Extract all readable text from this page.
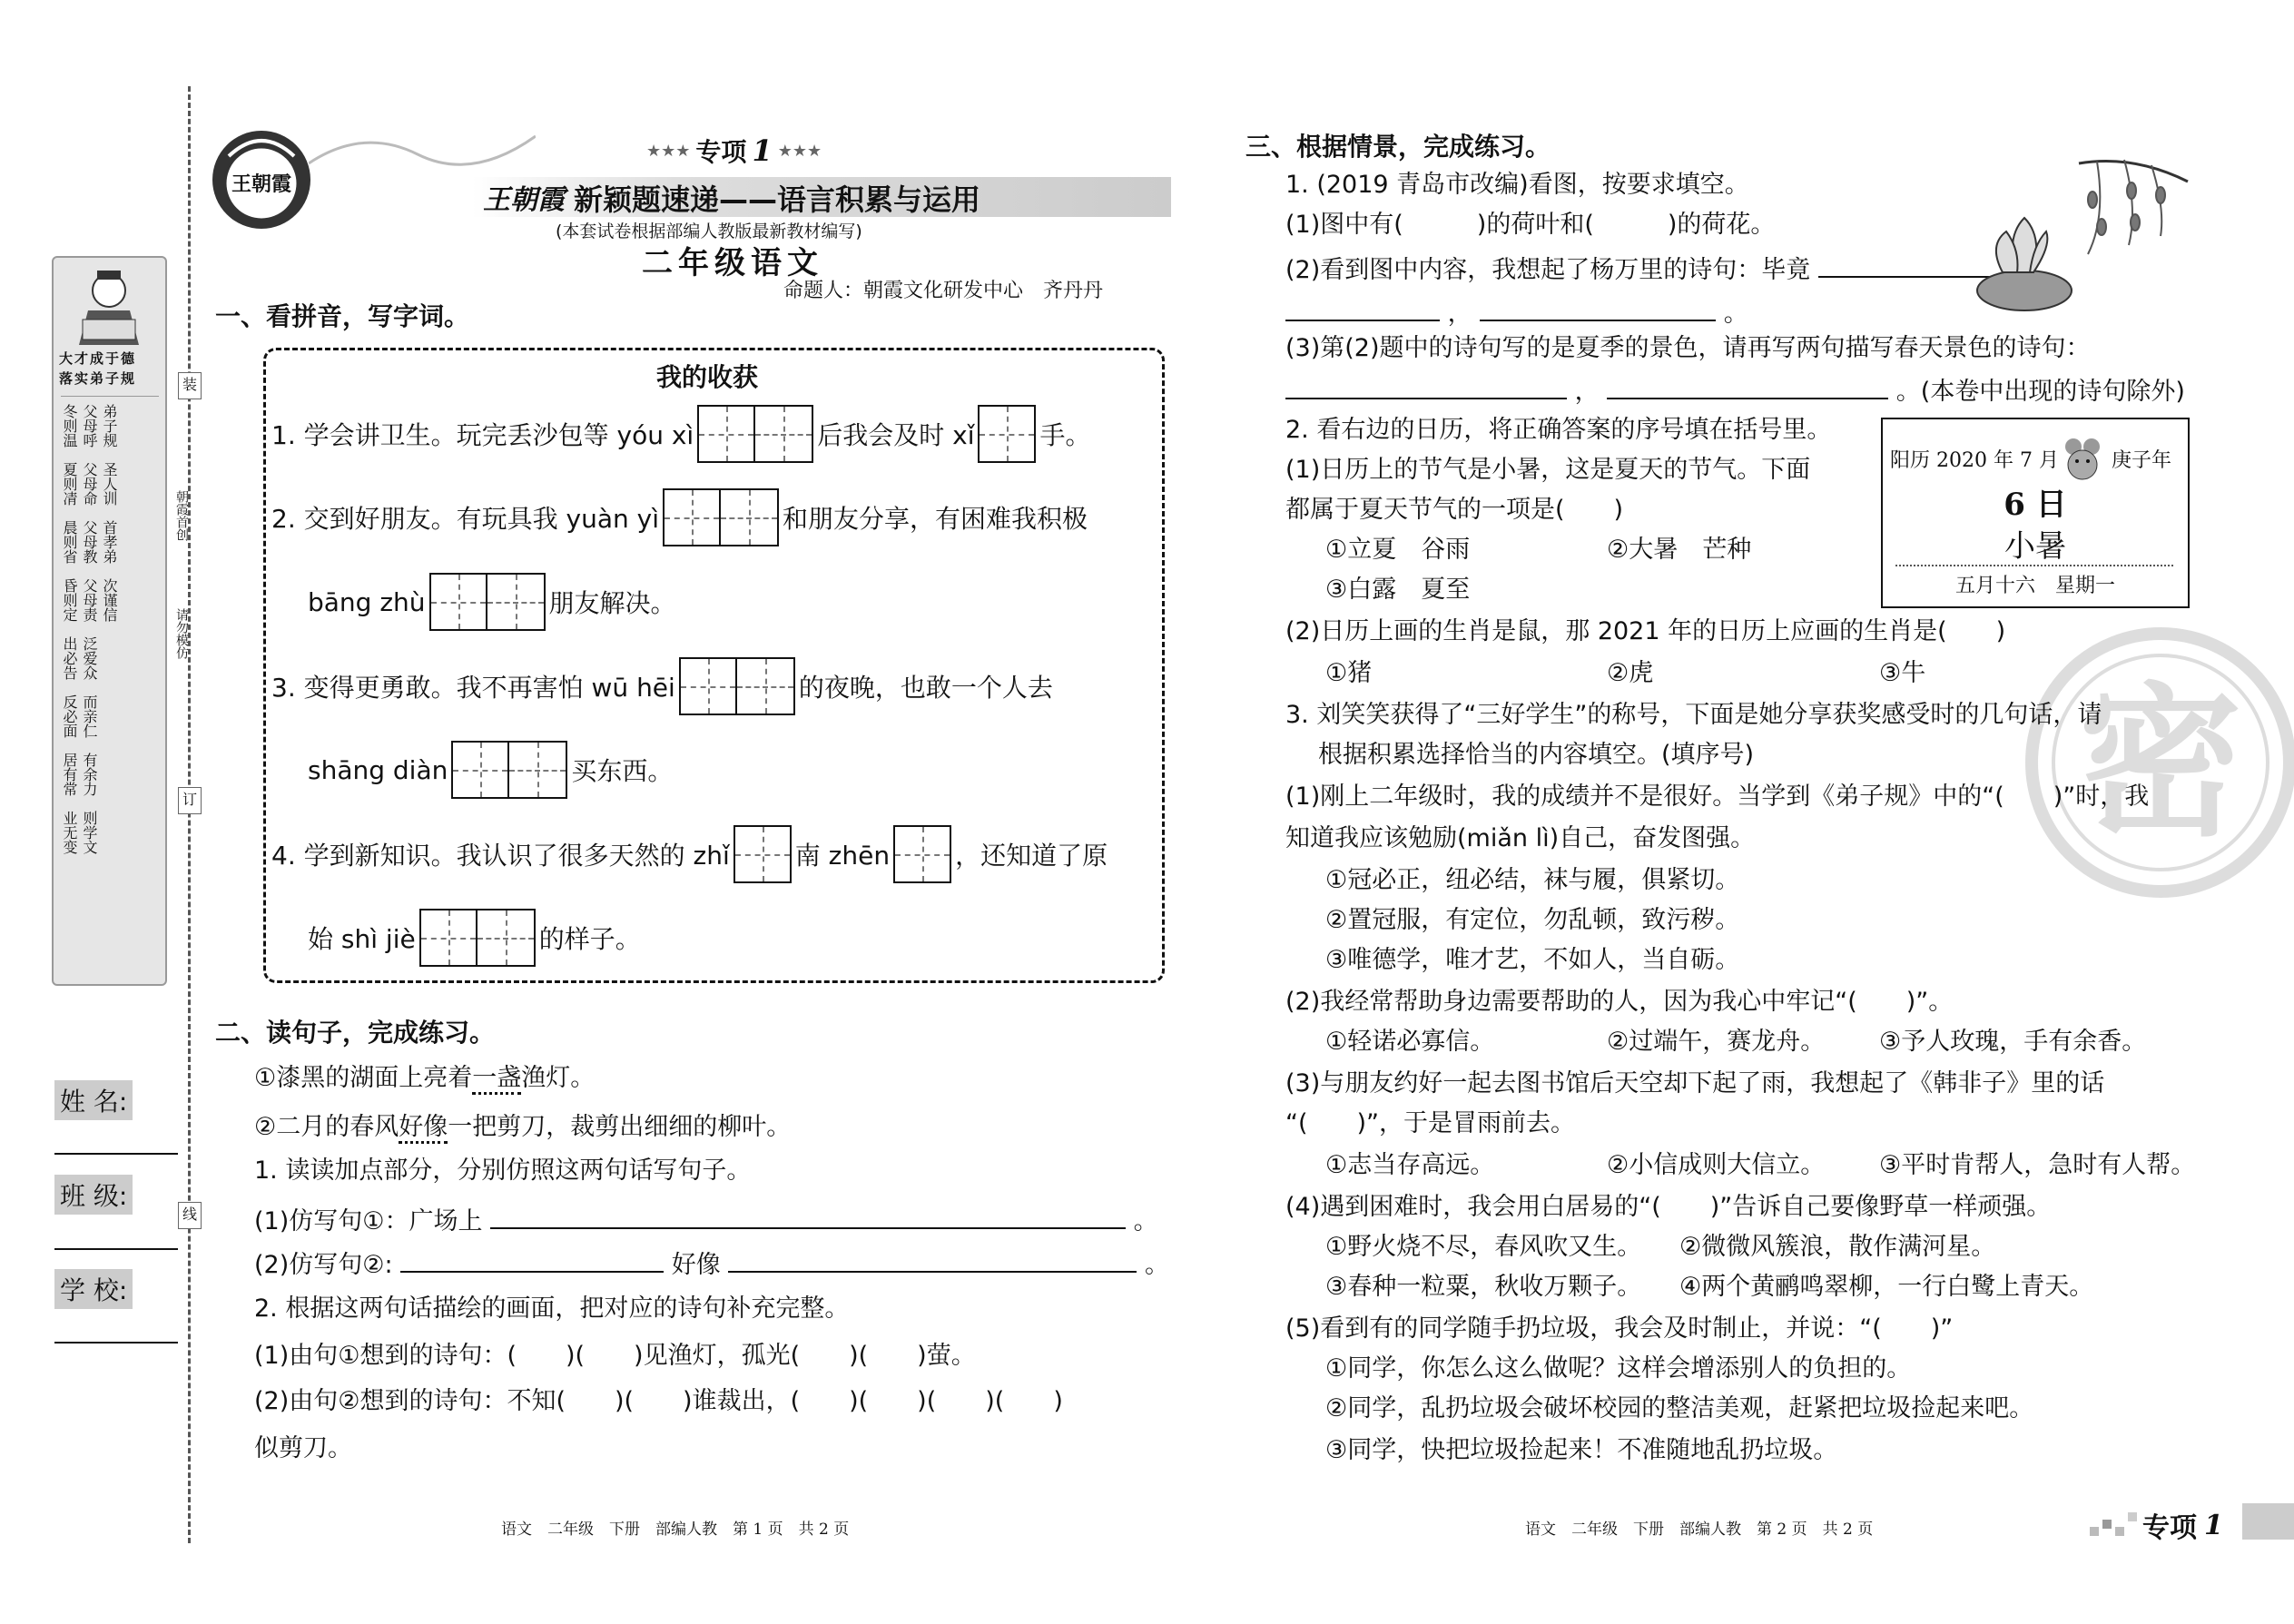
大才成于德
落实弟子规
冬则温 父母呼 弟子规
夏则凊 父母命 圣人训
晨则省 父母教 首孝弟
昏则定 父母责 次谨信
出必告 泛爱众
反必面 而亲仁
居有常 有余力
业无变 则学文
朝霞首创
请勿模仿
装
订
线
姓 名:
班 级:
学 校:
王朝霞
★★★ 专项 1 ★★★
王朝霞 新颖题速递——语言积累与运用
(本套试卷根据部编人教版最新教材编写)
二年级语文
命题人：朝霞文化研发中心　齐丹丹
一、看拼音，写字词。
我的收获
1. 学会讲卫生。玩完丢沙包等 yóu xì	后我会及时 xǐ	手。
2. 交到好朋友。有玩具我 yuàn yì	和朋友分享，有困难我积极
bāng zhù	朋友解决。
3. 变得更勇敢。我不再害怕 wū hēi	的夜晚，也敢一个人去
shāng diàn	买东西。
4. 学到新知识。我认识了很多天然的 zhǐ	南 zhēn	，还知道了原
始 shì jiè	的样子。
二、读句子，完成练习。
①漆黑的湖面上亮着一盏渔灯。
②二月的春风好像一把剪刀，裁剪出细细的柳叶。
1. 读读加点部分，分别仿照这两句话写句子。
(1)仿写句①：广场上	。
(2)仿写句②:	好像	。
2. 根据这两句话描绘的画面，把对应的诗句补充完整。
(1)由句①想到的诗句：(　　)(　　)见渔灯，孤光(　　)(　　)萤。
(2)由句②想到的诗句：不知(　　)(　　)谁裁出，(　　)(　　)(　　)(　　)
似剪刀。
语文　二年级　下册　部编人教　第 1 页　共 2 页
三、根据情景，完成练习。
1. (2019 青岛市改编)看图，按要求填空。
(1)图中有(　　　)的荷叶和(　　　)的荷花。
(2)看到图中内容，我想起了杨万里的诗句：毕竟
，	。
(3)第(2)题中的诗句写的是夏季的景色，请再写两句描写春天景色的诗句：
，	。(本卷中出现的诗句除外)
2. 看右边的日历，将正确答案的序号填在括号里。
(1)日历上的节气是小暑，这是夏天的节气。下面
都属于夏天节气的一项是(　　)
①立夏　谷雨	②大暑　芒种
③白露　夏至
阳历 2020 年 7 月	庚子年
6 日
小暑
五月十六　星期一
(2)日历上画的生肖是鼠，那 2021 年的日历上应画的生肖是(　　)
①猪	②虎	③牛 密
3. 刘笑笑获得了“三好学生”的称号，下面是她分享获奖感受时的几句话，请
根据积累选择恰当的内容填空。(填序号)
(1)刚上二年级时，我的成绩并不是很好。当学到《弟子规》中的“(　　)”时，我
知道我应该勉励(miǎn lì)自己，奋发图强。
①冠必正，纽必结，袜与履，俱紧切。
②置冠服，有定位，勿乱顿，致污秽。
③唯德学，唯才艺，不如人，当自砺。
(2)我经常帮助身边需要帮助的人，因为我心中牢记“(　　)”。
①轻诺必寡信。	②过端午，赛龙舟。 ③予人玫瑰，手有余香。
(3)与朋友约好一起去图书馆后天空却下起了雨，我想起了《韩非子》里的话
“(　　)”，于是冒雨前去。
①志当存高远。	②小信成则大信立。 ③平时肯帮人，急时有人帮。
(4)遇到困难时，我会用白居易的“(　　)”告诉自己要像野草一样顽强。
①野火烧不尽，春风吹又生。 ②微微风簇浪，散作满河星。
③春种一粒粟，秋收万颗子。 ④两个黄鹂鸣翠柳，一行白鹭上青天。
(5)看到有的同学随手扔垃圾，我会及时制止，并说：“(　　)”
①同学，你怎么这么做呢？这样会增添别人的负担的。
②同学，乱扔垃圾会破坏校园的整洁美观，赶紧把垃圾捡起来吧。
③同学，快把垃圾捡起来！不准随地乱扔垃圾。
语文　二年级　下册　部编人教　第 2 页　共 2 页	专项 1
